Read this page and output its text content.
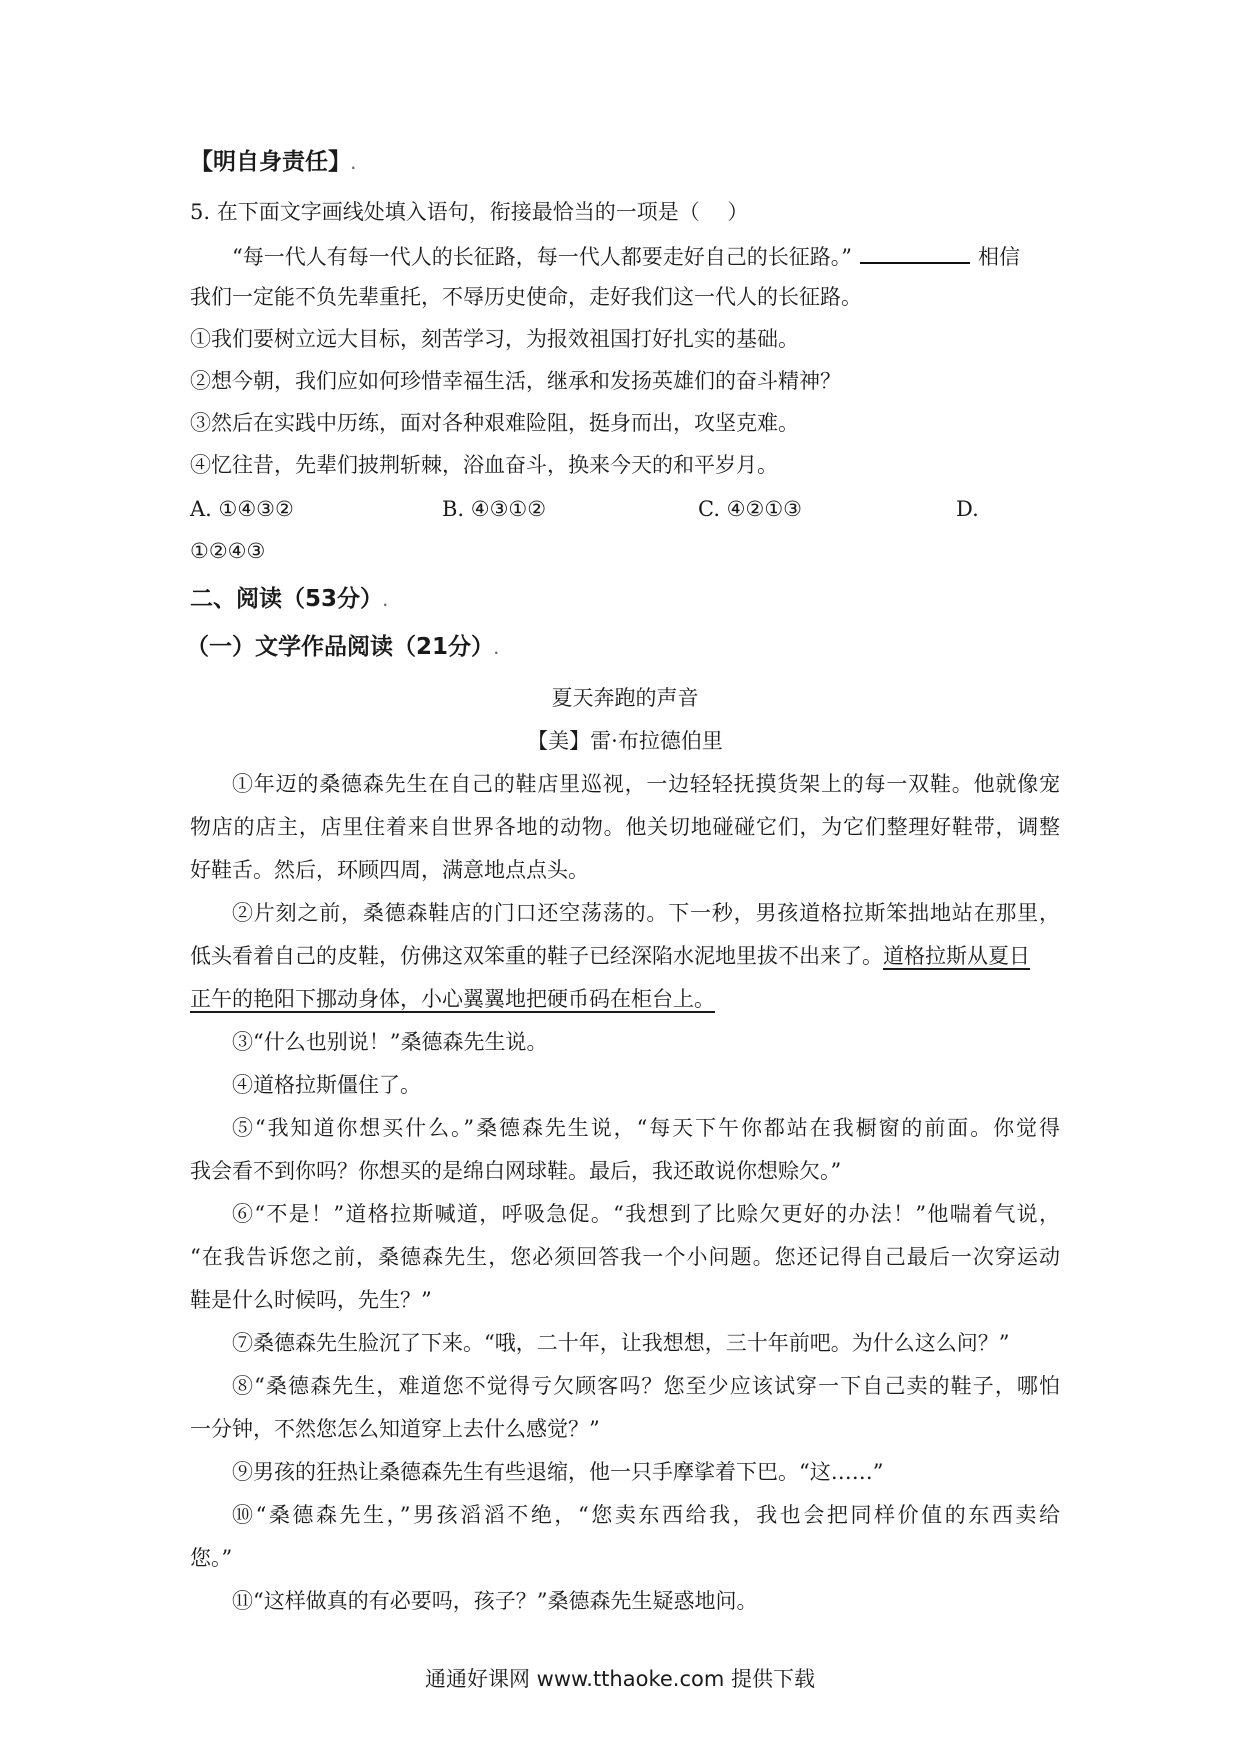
【明自身责任】.
5. 在下面文字画线处填入语句，衔接最恰当的一项是（　 ）
“每一代人有每一代人的长征路，每一代人都要走好自己的长征路。”	相信
我们一定能不负先辈重托，不辱历史使命，走好我们这一代人的长征路。
①我们要树立远大目标，刻苦学习，为报效祖国打好扎实的基础。
②想今朝，我们应如何珍惜幸福生活，继承和发扬英雄们的奋斗精神？
③然后在实践中历练，面对各种艰难险阻，挺身而出，攻坚克难。
④忆往昔，先辈们披荆斩棘，浴血奋斗，换来今天的和平岁月。
A. ①④③②	B. ④③①②	C. ④②①③	D.
①②④③
二、阅读（53分）.
（一）文学作品阅读（21分）.
夏天奔跑的声音
【美】雷·布拉德伯里
①年迈的桑德森先生在自己的鞋店里巡视，一边轻轻抚摸货架上的每一双鞋。他就像宠
物店的店主，店里住着来自世界各地的动物。他关切地碰碰它们，为它们整理好鞋带，调整
好鞋舌。然后，环顾四周，满意地点点头。
②片刻之前，桑德森鞋店的门口还空荡荡的。下一秒，男孩道格拉斯笨拙地站在那里，
低头看着自己的皮鞋，仿佛这双笨重的鞋子已经深陷水泥地里拔不出来了。道格拉斯从夏日
正午的艳阳下挪动身体，小心翼翼地把硬币码在柜台上。
③“什么也别说！”桑德森先生说。
④道格拉斯僵住了。
⑤“我知道你想买什么。”桑德森先生说，“每天下午你都站在我橱窗的前面。你觉得
我会看不到你吗？你想买的是绵白网球鞋。最后，我还敢说你想赊欠。”
⑥“不是！”道格拉斯喊道，呼吸急促。“我想到了比赊欠更好的办法！”他喘着气说，
“在我告诉您之前，桑德森先生，您必须回答我一个小问题。您还记得自己最后一次穿运动
鞋是什么时候吗，先生？”
⑦桑德森先生脸沉了下来。“哦，二十年，让我想想，三十年前吧。为什么这么问？”
⑧“桑德森先生，难道您不觉得亏欠顾客吗？您至少应该试穿一下自己卖的鞋子，哪怕
一分钟，不然您怎么知道穿上去什么感觉？”
⑨男孩的狂热让桑德森先生有些退缩，他一只手摩挲着下巴。“这……”
⑩“桑德森先生，”男孩滔滔不绝，“您卖东西给我，我也会把同样价值的东西卖给
您。”
⑪“这样做真的有必要吗，孩子？”桑德森先生疑惑地问。
通通好课网 www.tthaoke.com 提供下载
